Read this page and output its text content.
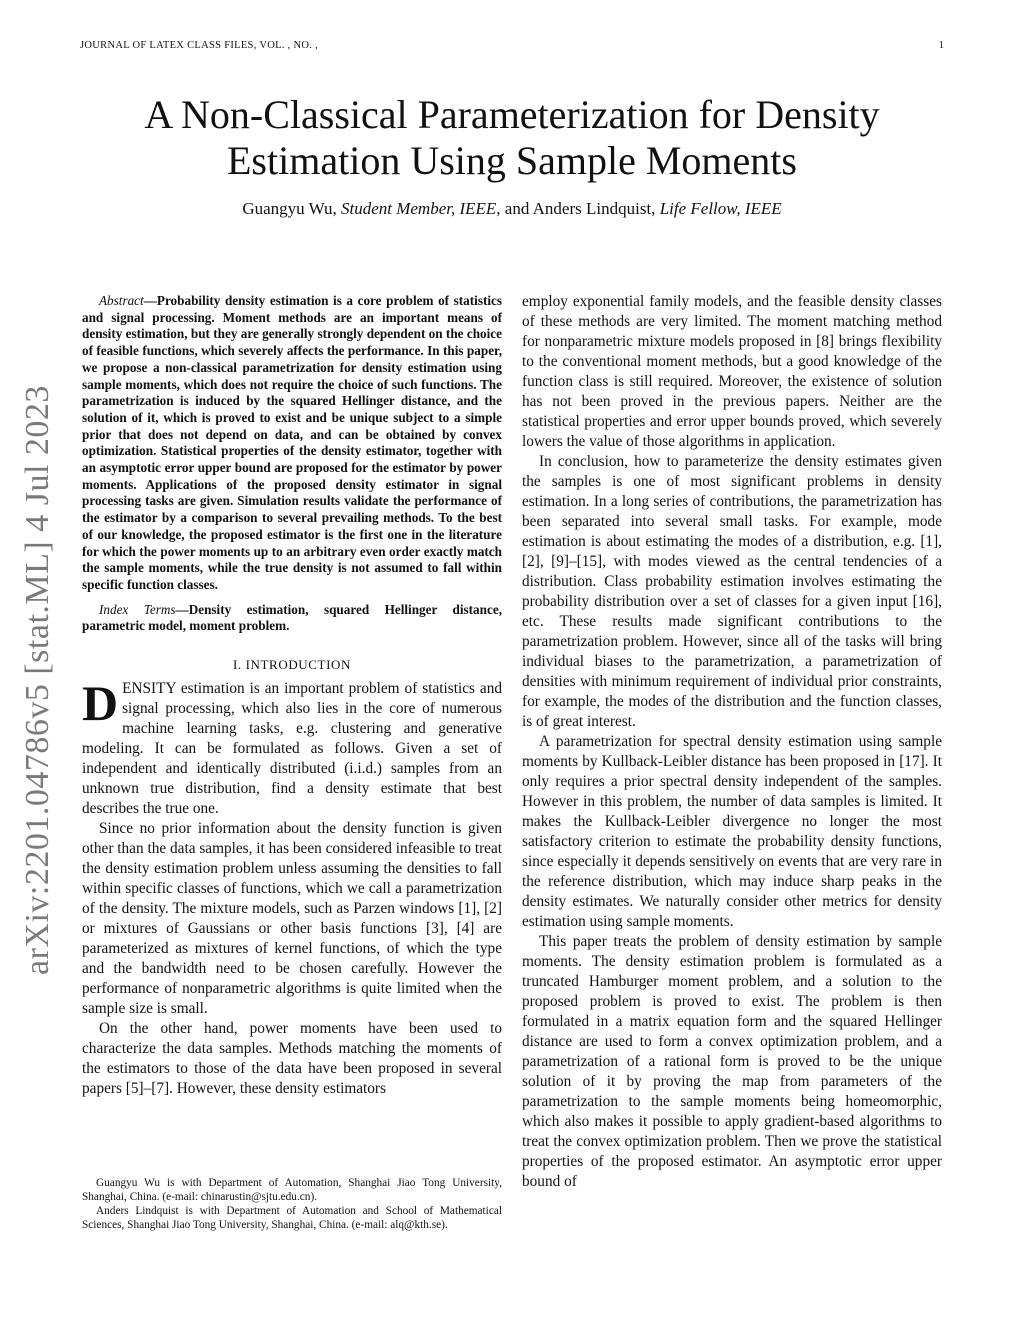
JOURNAL OF LATEX CLASS FILES, VOL. , NO. ,	1
arXiv:2201.04786v5 [stat.ML] 4 Jul 2023
A Non-Classical Parameterization for Density
Estimation Using Sample Moments
Guangyu Wu, Student Member, IEEE, and Anders Lindquist, Life Fellow, IEEE

Abstract—Probability density estimation is a core problem of statistics and signal processing. Moment methods are an important means of density estimation, but they are generally strongly dependent on the choice of feasible functions, which severely affects the performance. In this paper, we propose a non-classical parametrization for density estimation using sample moments, which does not require the choice of such functions. The parametrization is induced by the squared Hellinger distance, and the solution of it, which is proved to exist and be unique subject to a simple prior that does not depend on data, and can be obtained by convex optimization. Statistical properties of the density estimator, together with an asymptotic error upper bound are proposed for the estimator by power moments. Applications of the proposed density estimator in signal processing tasks are given. Simulation results validate the performance of the estimator by a comparison to several prevailing methods. To the best of our knowledge, the proposed estimator is the first one in the literature for which the power moments up to an arbitrary even order exactly match the sample moments, while the true density is not assumed to fall within specific function classes.

Index Terms—Density estimation, squared Hellinger distance, parametric model, moment problem.

I. INTRODUCTION

DENSITY estimation is an important problem of statistics and signal processing, which also lies in the core of numerous machine learning tasks, e.g. clustering and generative modeling. It can be formulated as follows. Given a set of independent and identically distributed (i.i.d.) samples from an unknown true distribution, find a density estimate that best describes the true one.

Since no prior information about the density function is given other than the data samples, it has been considered infeasible to treat the density estimation problem unless assuming the densities to fall within specific classes of functions, which we call a parametrization of the density. The mixture models, such as Parzen windows [1], [2] or mixtures of Gaussians or other basis functions [3], [4] are parameterized as mixtures of kernel functions, of which the type and the bandwidth need to be chosen carefully. However the performance of nonparametric algorithms is quite limited when the sample size is small.

On the other hand, power moments have been used to characterize the data samples. Methods matching the moments of the estimators to those of the data have been proposed in several papers [5]–[7]. However, these density estimators

Guangyu Wu is with Department of Automation, Shanghai Jiao Tong University, Shanghai, China. (e-mail: chinarustin@sjtu.edu.cn).

Anders Lindquist is with Department of Automation and School of Mathematical Sciences, Shanghai Jiao Tong University, Shanghai, China. (e-mail: alq@kth.se).

employ exponential family models, and the feasible density classes of these methods are very limited. The moment matching method for nonparametric mixture models proposed in [8] brings flexibility to the conventional moment methods, but a good knowledge of the function class is still required. Moreover, the existence of solution has not been proved in the previous papers. Neither are the statistical properties and error upper bounds proved, which severely lowers the value of those algorithms in application.

In conclusion, how to parameterize the density estimates given the samples is one of most significant problems in density estimation. In a long series of contributions, the parametrization has been separated into several small tasks. For example, mode estimation is about estimating the modes of a distribution, e.g. [1], [2], [9]–[15], with modes viewed as the central tendencies of a distribution. Class probability estimation involves estimating the probability distribution over a set of classes for a given input [16], etc. These results made significant contributions to the parametrization problem. However, since all of the tasks will bring individual biases to the parametrization, a parametrization of densities with minimum requirement of individual prior constraints, for example, the modes of the distribution and the function classes, is of great interest.

A parametrization for spectral density estimation using sample moments by Kullback-Leibler distance has been proposed in [17]. It only requires a prior spectral density independent of the samples. However in this problem, the number of data samples is limited. It makes the Kullback-Leibler divergence no longer the most satisfactory criterion to estimate the probability density functions, since especially it depends sensitively on events that are very rare in the reference distribution, which may induce sharp peaks in the density estimates. We naturally consider other metrics for density estimation using sample moments.

This paper treats the problem of density estimation by sample moments. The density estimation problem is formulated as a truncated Hamburger moment problem, and a solution to the proposed problem is proved to exist. The problem is then formulated in a matrix equation form and the squared Hellinger distance are used to form a convex optimization problem, and a parametrization of a rational form is proved to be the unique solution of it by proving the map from parameters of the parametrization to the sample moments being homeomorphic, which also makes it possible to apply gradient-based algorithms to treat the convex optimization problem. Then we prove the statistical properties of the proposed estimator. An asymptotic error upper bound of
